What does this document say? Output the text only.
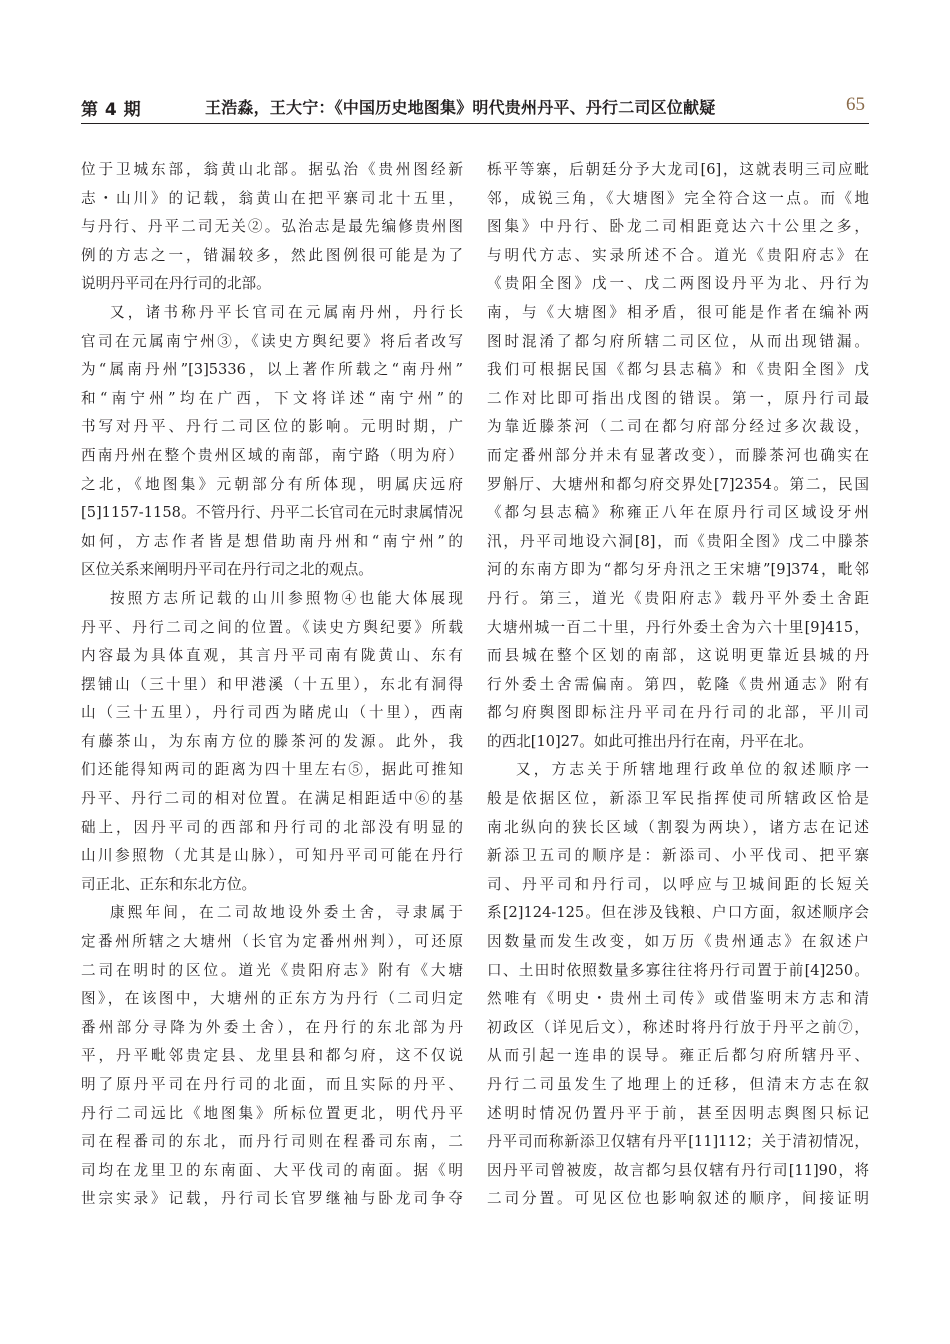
第 4 期	王浩淼，王大宁：《中国历史地图集》明代贵州丹平、丹行二司区位献疑	65
位于卫城东部，翁黄山北部。据弘治《贵州图经新
志・山川》的记载，翁黄山在把平寨司北十五里，
与丹行、丹平二司无关②。弘治志是最先编修贵州图
例的方志之一，错漏较多，然此图例很可能是为了
说明丹平司在丹行司的北部。
又，诸书称丹平长官司在元属南丹州，丹行长
官司在元属南宁州③，《读史方舆纪要》将后者改写
为“属南丹州”[3]5336，以上著作所载之“南丹州”
和“南宁州”均在广西，下文将详述“南宁州”的
书写对丹平、丹行二司区位的影响。元明时期，广
西南丹州在整个贵州区域的南部，南宁路（明为府）
之北，《地图集》元朝部分有所体现，明属庆远府
[5]1157-1158。不管丹行、丹平二长官司在元时隶属情况
如何，方志作者皆是想借助南丹州和“南宁州”的
区位关系来阐明丹平司在丹行司之北的观点。
按照方志所记载的山川参照物④也能大体展现
丹平、丹行二司之间的位置。《读史方舆纪要》所载
内容最为具体直观，其言丹平司南有陇黄山、东有
摆铺山（三十里）和甲港溪（十五里），东北有洞得
山（三十五里），丹行司西为睹虎山（十里），西南
有藤茶山，为东南方位的滕茶河的发源。此外，我
们还能得知两司的距离为四十里左右⑤，据此可推知
丹平、丹行二司的相对位置。在满足相距适中⑥的基
础上，因丹平司的西部和丹行司的北部没有明显的
山川参照物（尤其是山脉），可知丹平司可能在丹行
司正北、正东和东北方位。
康熙年间，在二司故地设外委土舍，寻隶属于
定番州所辖之大塘州（长官为定番州州判），可还原
二司在明时的区位。道光《贵阳府志》附有《大塘
图》，在该图中，大塘州的正东方为丹行（二司归定
番州部分寻降为外委土舍），在丹行的东北部为丹
平，丹平毗邻贵定县、龙里县和都匀府，这不仅说
明了原丹平司在丹行司的北面，而且实际的丹平、
丹行二司远比《地图集》所标位置更北，明代丹平
司在程番司的东北，而丹行司则在程番司东南，二
司均在龙里卫的东南面、大平伐司的南面。据《明
世宗实录》记载，丹行司长官罗继袖与卧龙司争夺
栎平等寨，后朝廷分予大龙司[6]，这就表明三司应毗
邻，成锐三角，《大塘图》完全符合这一点。而《地
图集》中丹行、卧龙二司相距竟达六十公里之多，
与明代方志、实录所述不合。道光《贵阳府志》在
《贵阳全图》戊一、戊二两图设丹平为北、丹行为
南，与《大塘图》相矛盾，很可能是作者在编补两
图时混淆了都匀府所辖二司区位，从而出现错漏。
我们可根据民国《都匀县志稿》和《贵阳全图》戊
二作对比即可指出戊图的错误。第一，原丹行司最
为靠近滕茶河（二司在都匀府部分经过多次裁设，
而定番州部分并未有显著改变），而滕茶河也确实在
罗斛厅、大塘州和都匀府交界处[7]2354。第二，民国
《都匀县志稿》称雍正八年在原丹行司区域设牙州
汛，丹平司地设六洞[8]，而《贵阳全图》戊二中滕茶
河的东南方即为“都匀牙舟汛之王宋塘”[9]374，毗邻
丹行。第三，道光《贵阳府志》载丹平外委土舍距
大塘州城一百二十里，丹行外委土舍为六十里[9]415，
而县城在整个区划的南部，这说明更靠近县城的丹
行外委土舍需偏南。第四，乾隆《贵州通志》附有
都匀府舆图即标注丹平司在丹行司的北部，平川司
的西北[10]27。如此可推出丹行在南，丹平在北。
又，方志关于所辖地理行政单位的叙述顺序一
般是依据区位，新添卫军民指挥使司所辖政区恰是
南北纵向的狭长区域（割裂为两块），诸方志在记述
新添卫五司的顺序是：新添司、小平伐司、把平寨
司、丹平司和丹行司，以呼应与卫城间距的长短关
系[2]124-125。但在涉及钱粮、户口方面，叙述顺序会
因数量而发生改变，如万历《贵州通志》在叙述户
口、土田时依照数量多寡往往将丹行司置于前[4]250。
然唯有《明史・贵州土司传》或借鉴明末方志和清
初政区（详见后文），称述时将丹行放于丹平之前⑦，
从而引起一连串的误导。雍正后都匀府所辖丹平、
丹行二司虽发生了地理上的迁移，但清末方志在叙
述明时情况仍置丹平于前，甚至因明志舆图只标记
丹平司而称新添卫仅辖有丹平[11]112；关于清初情况，
因丹平司曾被废，故言都匀县仅辖有丹行司[11]90，将
二司分置。可见区位也影响叙述的顺序，间接证明
